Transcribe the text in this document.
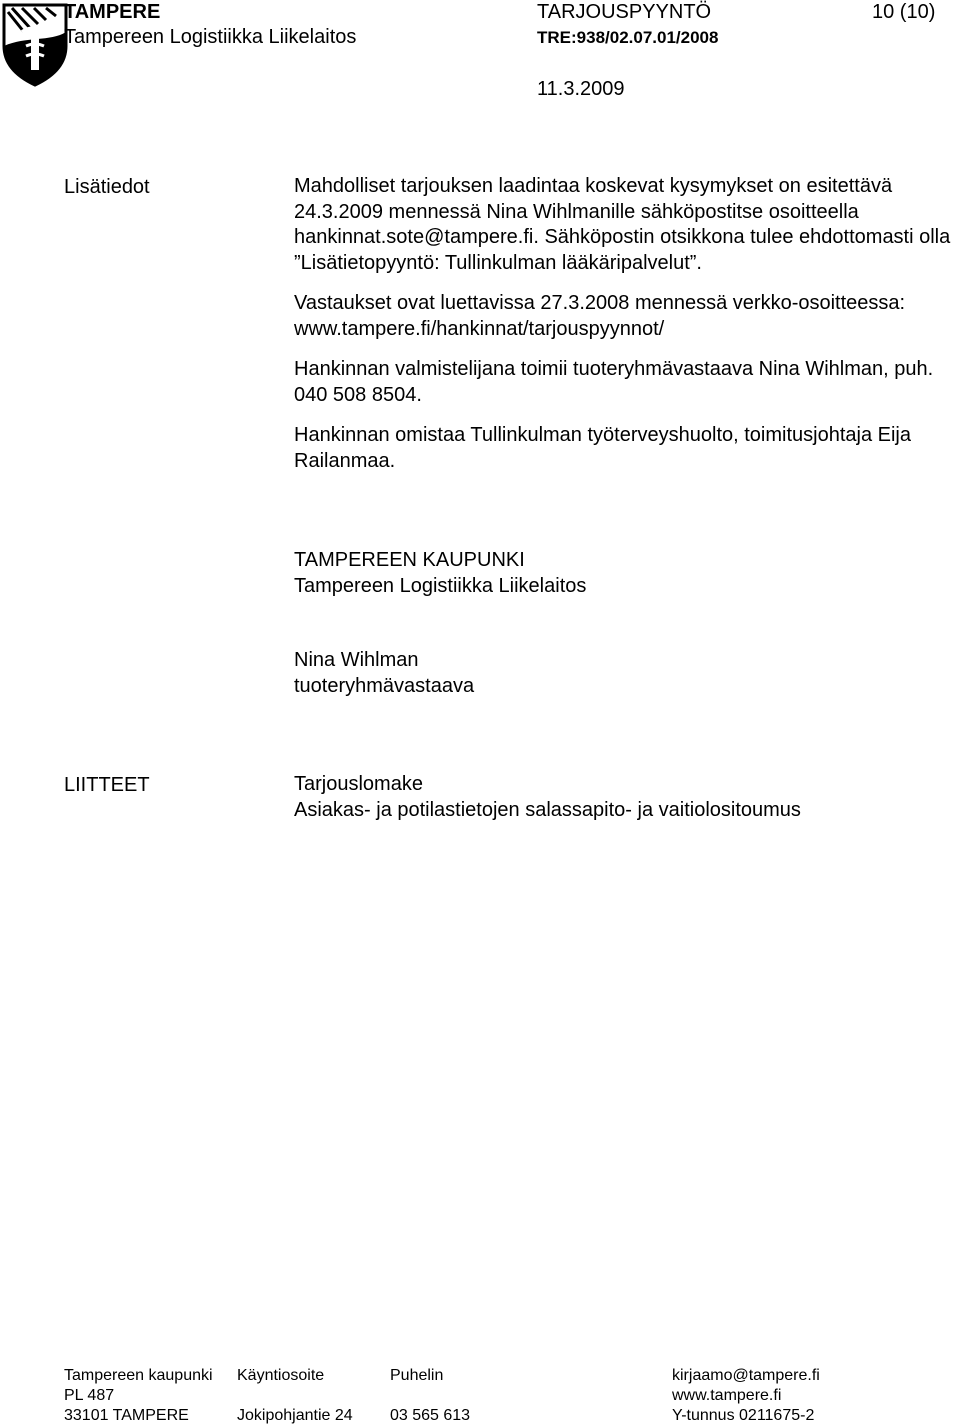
TAMPERE
Tampereen Logistiikka Liikelaitos
TARJOUSPYYNTÖ
TRE:938/02.07.01/2008
10 (10)
11.3.2009
Lisätiedot	Mahdolliset tarjouksen laadintaa koskevat kysymykset on esitettävä 24.3.2009 mennessä Nina Wihlmanille sähköpostitse osoitteella hankinnat.sote@tampere.fi. Sähköpostin otsikkona tulee ehdottomasti olla ”Lisätietopyyntö: Tullinkulman lääkäripalvelut”.

Vastaukset ovat luettavissa 27.3.2008 mennessä verkko-osoitteessa: www.tampere.fi/hankinnat/tarjouspyynnot/

Hankinnan valmistelijana toimii tuoteryhmävastaava Nina Wihlman, puh. 040 508 8504.

Hankinnan omistaa Tullinkulman työterveyshuolto, toimitusjohtaja Eija Railanmaa.

TAMPEREEN KAUPUNKI

Tampereen Logistiikka Liikelaitos

Nina Wihlman

tuoteryhmävastaava

LIITTEET	Tarjouslomake

Asiakas- ja potilastietojen salassapito- ja vaitiolositoumus

Tampereen kaupunki
PL 487
33101 TAMPERE
Käyntiosoite
Jokipohjantie 24
Puhelin
03 565 613
kirjaamo@tampere.fi
www.tampere.fi
Y-tunnus 0211675-2
